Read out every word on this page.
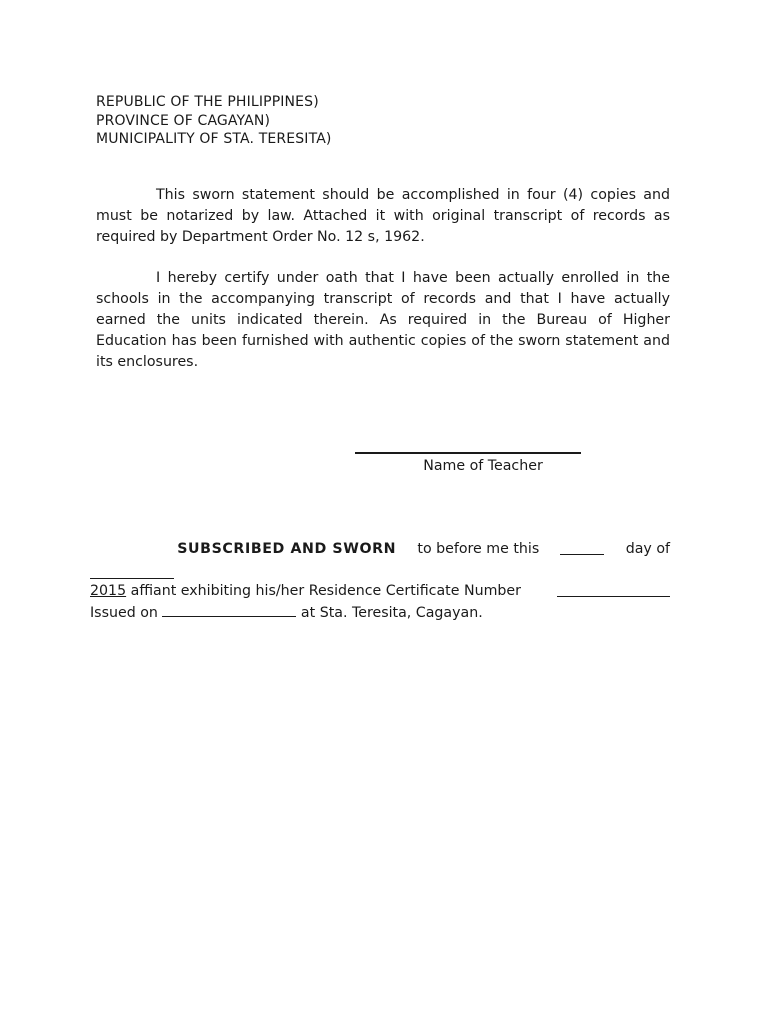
REPUBLIC OF THE PHILIPPINES)
PROVINCE OF CAGAYAN)
MUNICIPALITY OF STA. TERESITA)

This sworn statement should be accomplished in four (4) copies and must be notarized by law. Attached it with original transcript of records as required by Department Order No. 12 s, 1962.

I hereby certify under oath that I have been actually enrolled in the schools in the accompanying transcript of records and that I have actually earned the units indicated therein. As required in the Bureau of Higher Education has been furnished with authentic copies of the sworn statement and its enclosures.

Name of Teacher
SUBSCRIBED AND SWORN to before me this	day of
2015 affiant exhibiting his/her Residence Certificate Number
Issued on	at Sta. Teresita, Cagayan.
